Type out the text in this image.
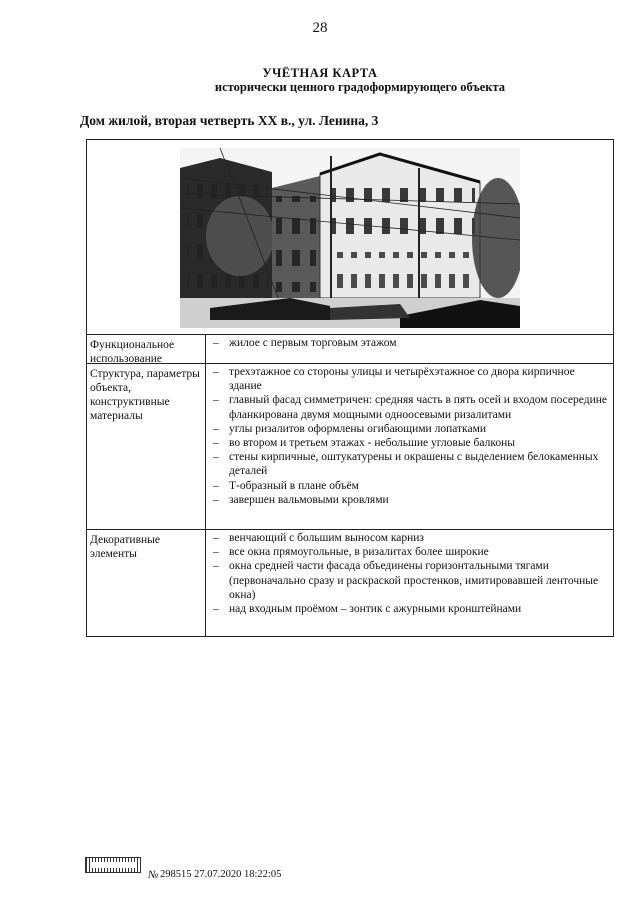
28
УЧЁТНАЯ КАРТА
исторически ценного градоформирующего объекта
Дом жилой, вторая четверть XX в., ул. Ленина, 3
Функциональное использование
– жилое с первым торговым этажом
Структура, параметры объекта, конструктивные материалы
– трехэтажное со стороны улицы и четырёхэтажное со двора кирпичное здание
– главный фасад симметричен: средняя часть в пять осей и входом посередине фланкирована двумя мощными одноосевыми ризалитами
– углы ризалитов оформлены огибающими лопатками
– во втором и третьем этажах - небольшие угловые балконы
– стены кирпичные, оштукатурены и окрашены с выделением белокаменных деталей
– Т-образный в плане объём
– завершен вальмовыми кровлями
Декоративные элементы
– венчающий с большим выносом карниз
– все окна прямоугольные, в ризалитах более широкие
– окна средней части фасада объединены горизонтальными тягами (первоначально сразу и раскраской простенков, имитировавшей ленточные окна)
– над входным проёмом – зонтик с ажурными кронштейнами
№ 298515 27.07.2020 18:22:05
